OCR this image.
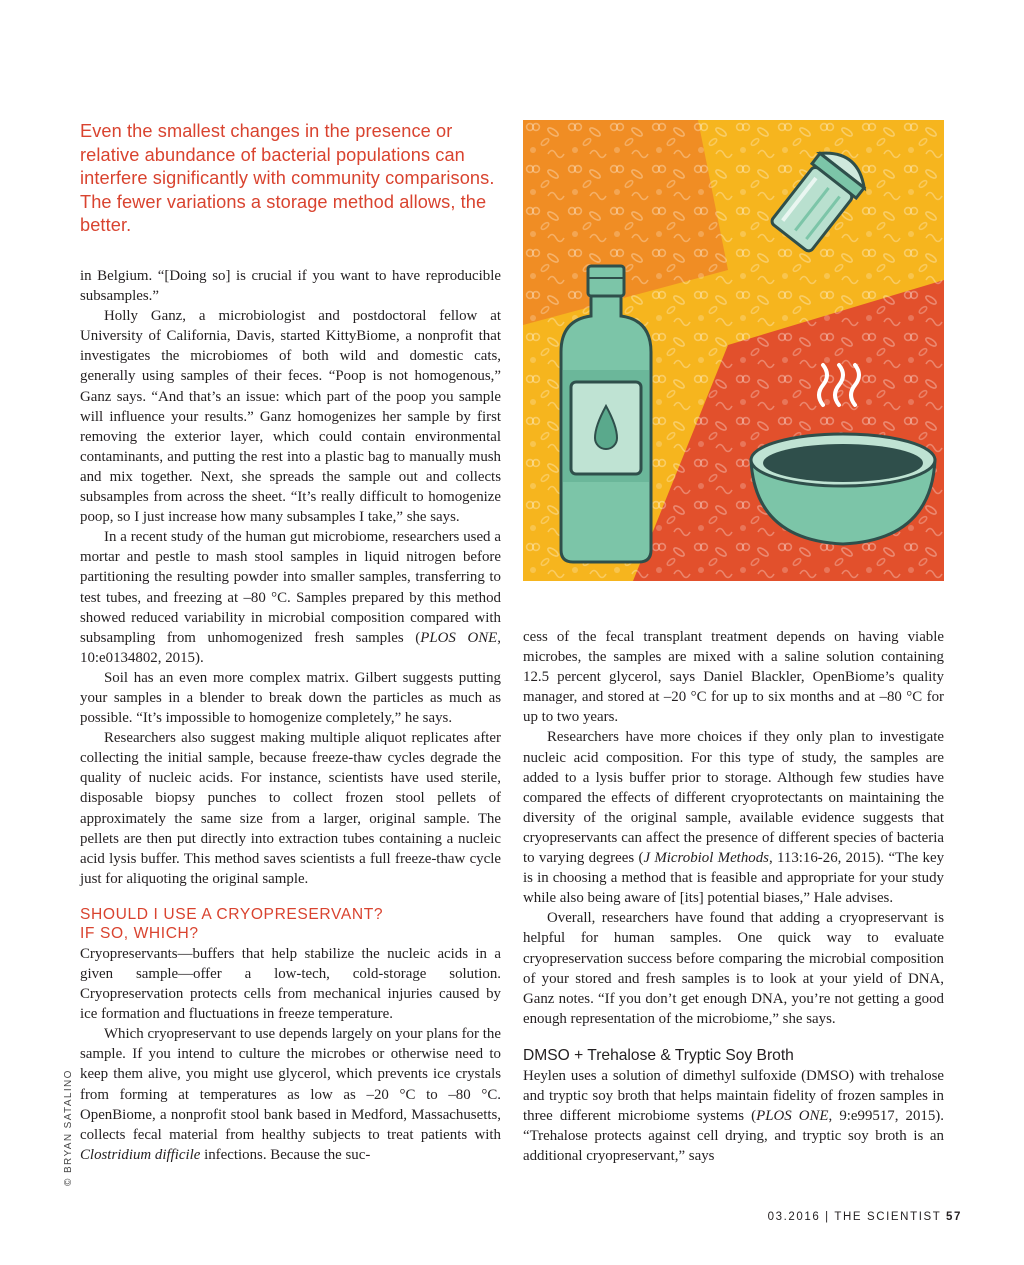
Even the smallest changes in the presence or relative abundance of bacterial populations can interfere significantly with community comparisons. The fewer variations a storage method allows, the better.

in Belgium. “[Doing so] is crucial if you want to have reproducible subsamples.”

Holly Ganz, a microbiologist and postdoctoral fellow at University of California, Davis, started KittyBiome, a nonprofit that investigates the microbiomes of both wild and domestic cats, generally using samples of their feces. “Poop is not homogenous,” Ganz says. “And that’s an issue: which part of the poop you sample will influence your results.” Ganz homogenizes her sample by first removing the exterior layer, which could contain environmental contaminants, and putting the rest into a plastic bag to manually mush and mix together. Next, she spreads the sample out and collects subsamples from across the sheet. “It’s really difficult to homogenize poop, so I just increase how many subsamples I take,” she says.

In a recent study of the human gut microbiome, researchers used a mortar and pestle to mash stool samples in liquid nitrogen before partitioning the resulting powder into smaller samples, transferring to test tubes, and freezing at –80 °C. Samples prepared by this method showed reduced variability in microbial composition compared with subsampling from unhomogenized fresh samples (PLOS ONE, 10:e0134802, 2015).

Soil has an even more complex matrix. Gilbert suggests putting your samples in a blender to break down the particles as much as possible. “It’s impossible to homogenize completely,” he says.

Researchers also suggest making multiple aliquot replicates after collecting the initial sample, because freeze-thaw cycles degrade the quality of nucleic acids. For instance, scientists have used sterile, disposable biopsy punches to collect frozen stool pellets of approximately the same size from a larger, original sample. The pellets are then put directly into extraction tubes containing a nucleic acid lysis buffer. This method saves scientists a full freeze-thaw cycle just for aliquoting the original sample.

SHOULD I USE A CRYOPRESERVANT?
IF SO, WHICH?

Cryopreservants—buffers that help stabilize the nucleic acids in a given sample—offer a low-tech, cold-storage solution. Cryopreservation protects cells from mechanical injuries caused by ice formation and fluctuations in freeze temperature.

Which cryopreservant to use depends largely on your plans for the sample. If you intend to culture the microbes or otherwise need to keep them alive, you might use glycerol, which prevents ice crystals from forming at temperatures as low as –20 °C to –80 °C. OpenBiome, a nonprofit stool bank based in Medford, Massachusetts, collects fecal material from healthy subjects to treat patients with Clostridium difficile infections. Because the suc-

cess of the fecal transplant treatment depends on having viable microbes, the samples are mixed with a saline solution containing 12.5 percent glycerol, says Daniel Blackler, OpenBiome’s quality manager, and stored at –20 °C for up to six months and at –80 °C for up to two years.

Researchers have more choices if they only plan to investigate nucleic acid composition. For this type of study, the samples are added to a lysis buffer prior to storage. Although few studies have compared the effects of different cryoprotectants on maintaining the diversity of the original sample, available evidence suggests that cryopreservants can affect the presence of different species of bacteria to varying degrees (J Microbiol Methods, 113:16-26, 2015). “The key is in choosing a method that is feasible and appropriate for your study while also being aware of [its] potential biases,” Hale advises.

Overall, researchers have found that adding a cryopreservant is helpful for human samples. One quick way to evaluate cryopreservation success before comparing the microbial composition of your stored and fresh samples is to look at your yield of DNA, Ganz notes. “If you don’t get enough DNA, you’re not getting a good enough representation of the microbiome,” she says.

DMSO + Trehalose & Tryptic Soy Broth

Heylen uses a solution of dimethyl sulfoxide (DMSO) with trehalose and tryptic soy broth that helps maintain fidelity of frozen samples in three different microbiome systems (PLOS ONE, 9:e99517, 2015). “Trehalose protects against cell drying, and tryptic soy broth is an additional cryopreservant,” says

© BRYAN SATALINO

03.2016 | THE SCIENTIST 57
